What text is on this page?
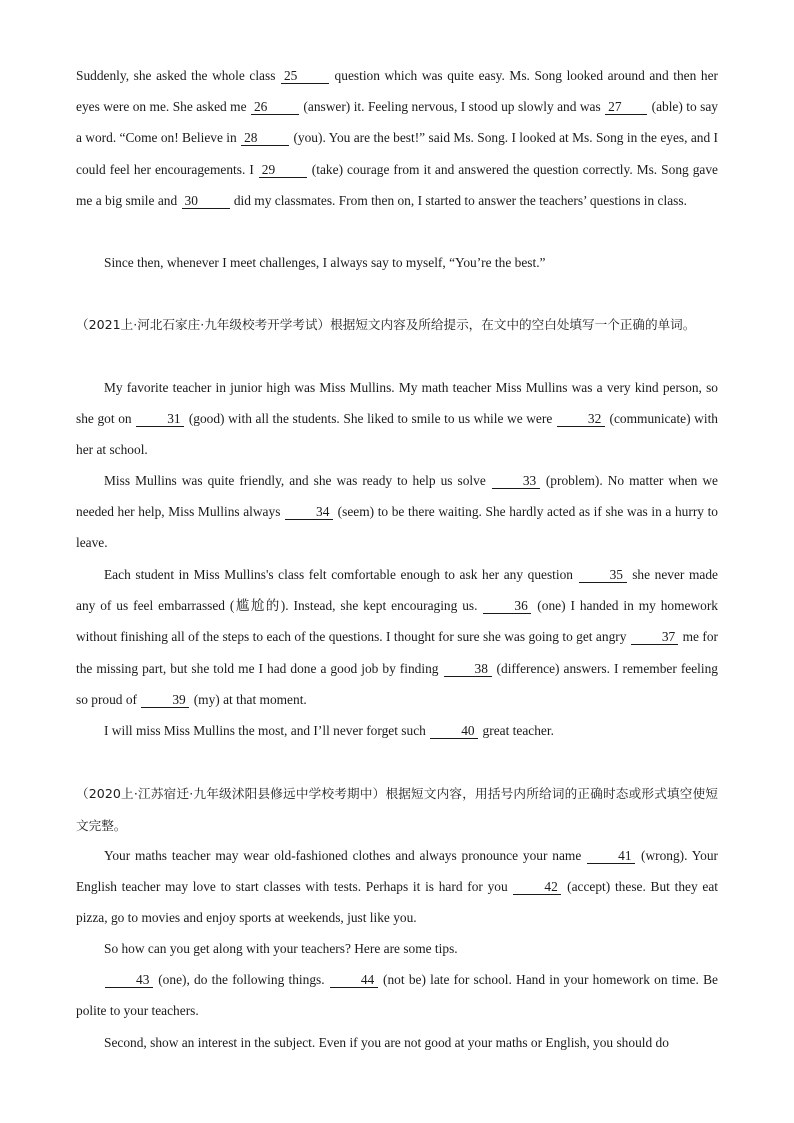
Suddenly, she asked the whole class 25 question which was quite easy. Ms. Song looked around and then her eyes were on me. She asked me 26 (answer) it. Feeling nervous, I stood up slowly and was 27 (able) to say a word. “Come on! Believe in 28 (you). You are the best!” said Ms. Song. I looked at Ms. Song in the eyes, and I could feel her encouragements. I 29 (take) courage from it and answered the question correctly. Ms. Song gave me a big smile and 30 did my classmates. From then on, I started to answer the teachers’ questions in class.
Since then, whenever I meet challenges, I always say to myself, “You’re the best.”
（2021上·河北石家庄·九年级校考开学考试）根据短文内容及所给提示，在文中的空白处填写一个正确的单词。
My favorite teacher in junior high was Miss Mullins. My math teacher Miss Mullins was a very kind person, so she got on 31 (good) with all the students. She liked to smile to us while we were 32 (communicate) with her at school.
Miss Mullins was quite friendly, and she was ready to help us solve 33 (problem). No matter when we needed her help, Miss Mullins always 34 (seem) to be there waiting. She hardly acted as if she was in a hurry to leave.
Each student in Miss Mullins's class felt comfortable enough to ask her any question 35 she never made any of us feel embarrassed (尴尬的). Instead, she kept encouraging us. 36 (one) I handed in my homework without finishing all of the steps to each of the questions. I thought for sure she was going to get angry 37 me for the missing part, but she told me I had done a good job by finding 38 (difference) answers. I remember feeling so proud of 39 (my) at that moment.
I will miss Miss Mullins the most, and I’ll never forget such 40 great teacher.
（2020上·江苏宿迁·九年级沭阳县修远中学校考期中）根据短文内容，用括号内所给词的正确时态或形式填空使短文完整。
Your maths teacher may wear old-fashioned clothes and always pronounce your name 41 (wrong). Your English teacher may love to start classes with tests. Perhaps it is hard for you 42 (accept) these. But they eat pizza, go to movies and enjoy sports at weekends, just like you.
So how can you get along with your teachers? Here are some tips.
43 (one), do the following things. 44 (not be) late for school. Hand in your homework on time. Be polite to your teachers.
Second, show an interest in the subject. Even if you are not good at your maths or English, you should do
